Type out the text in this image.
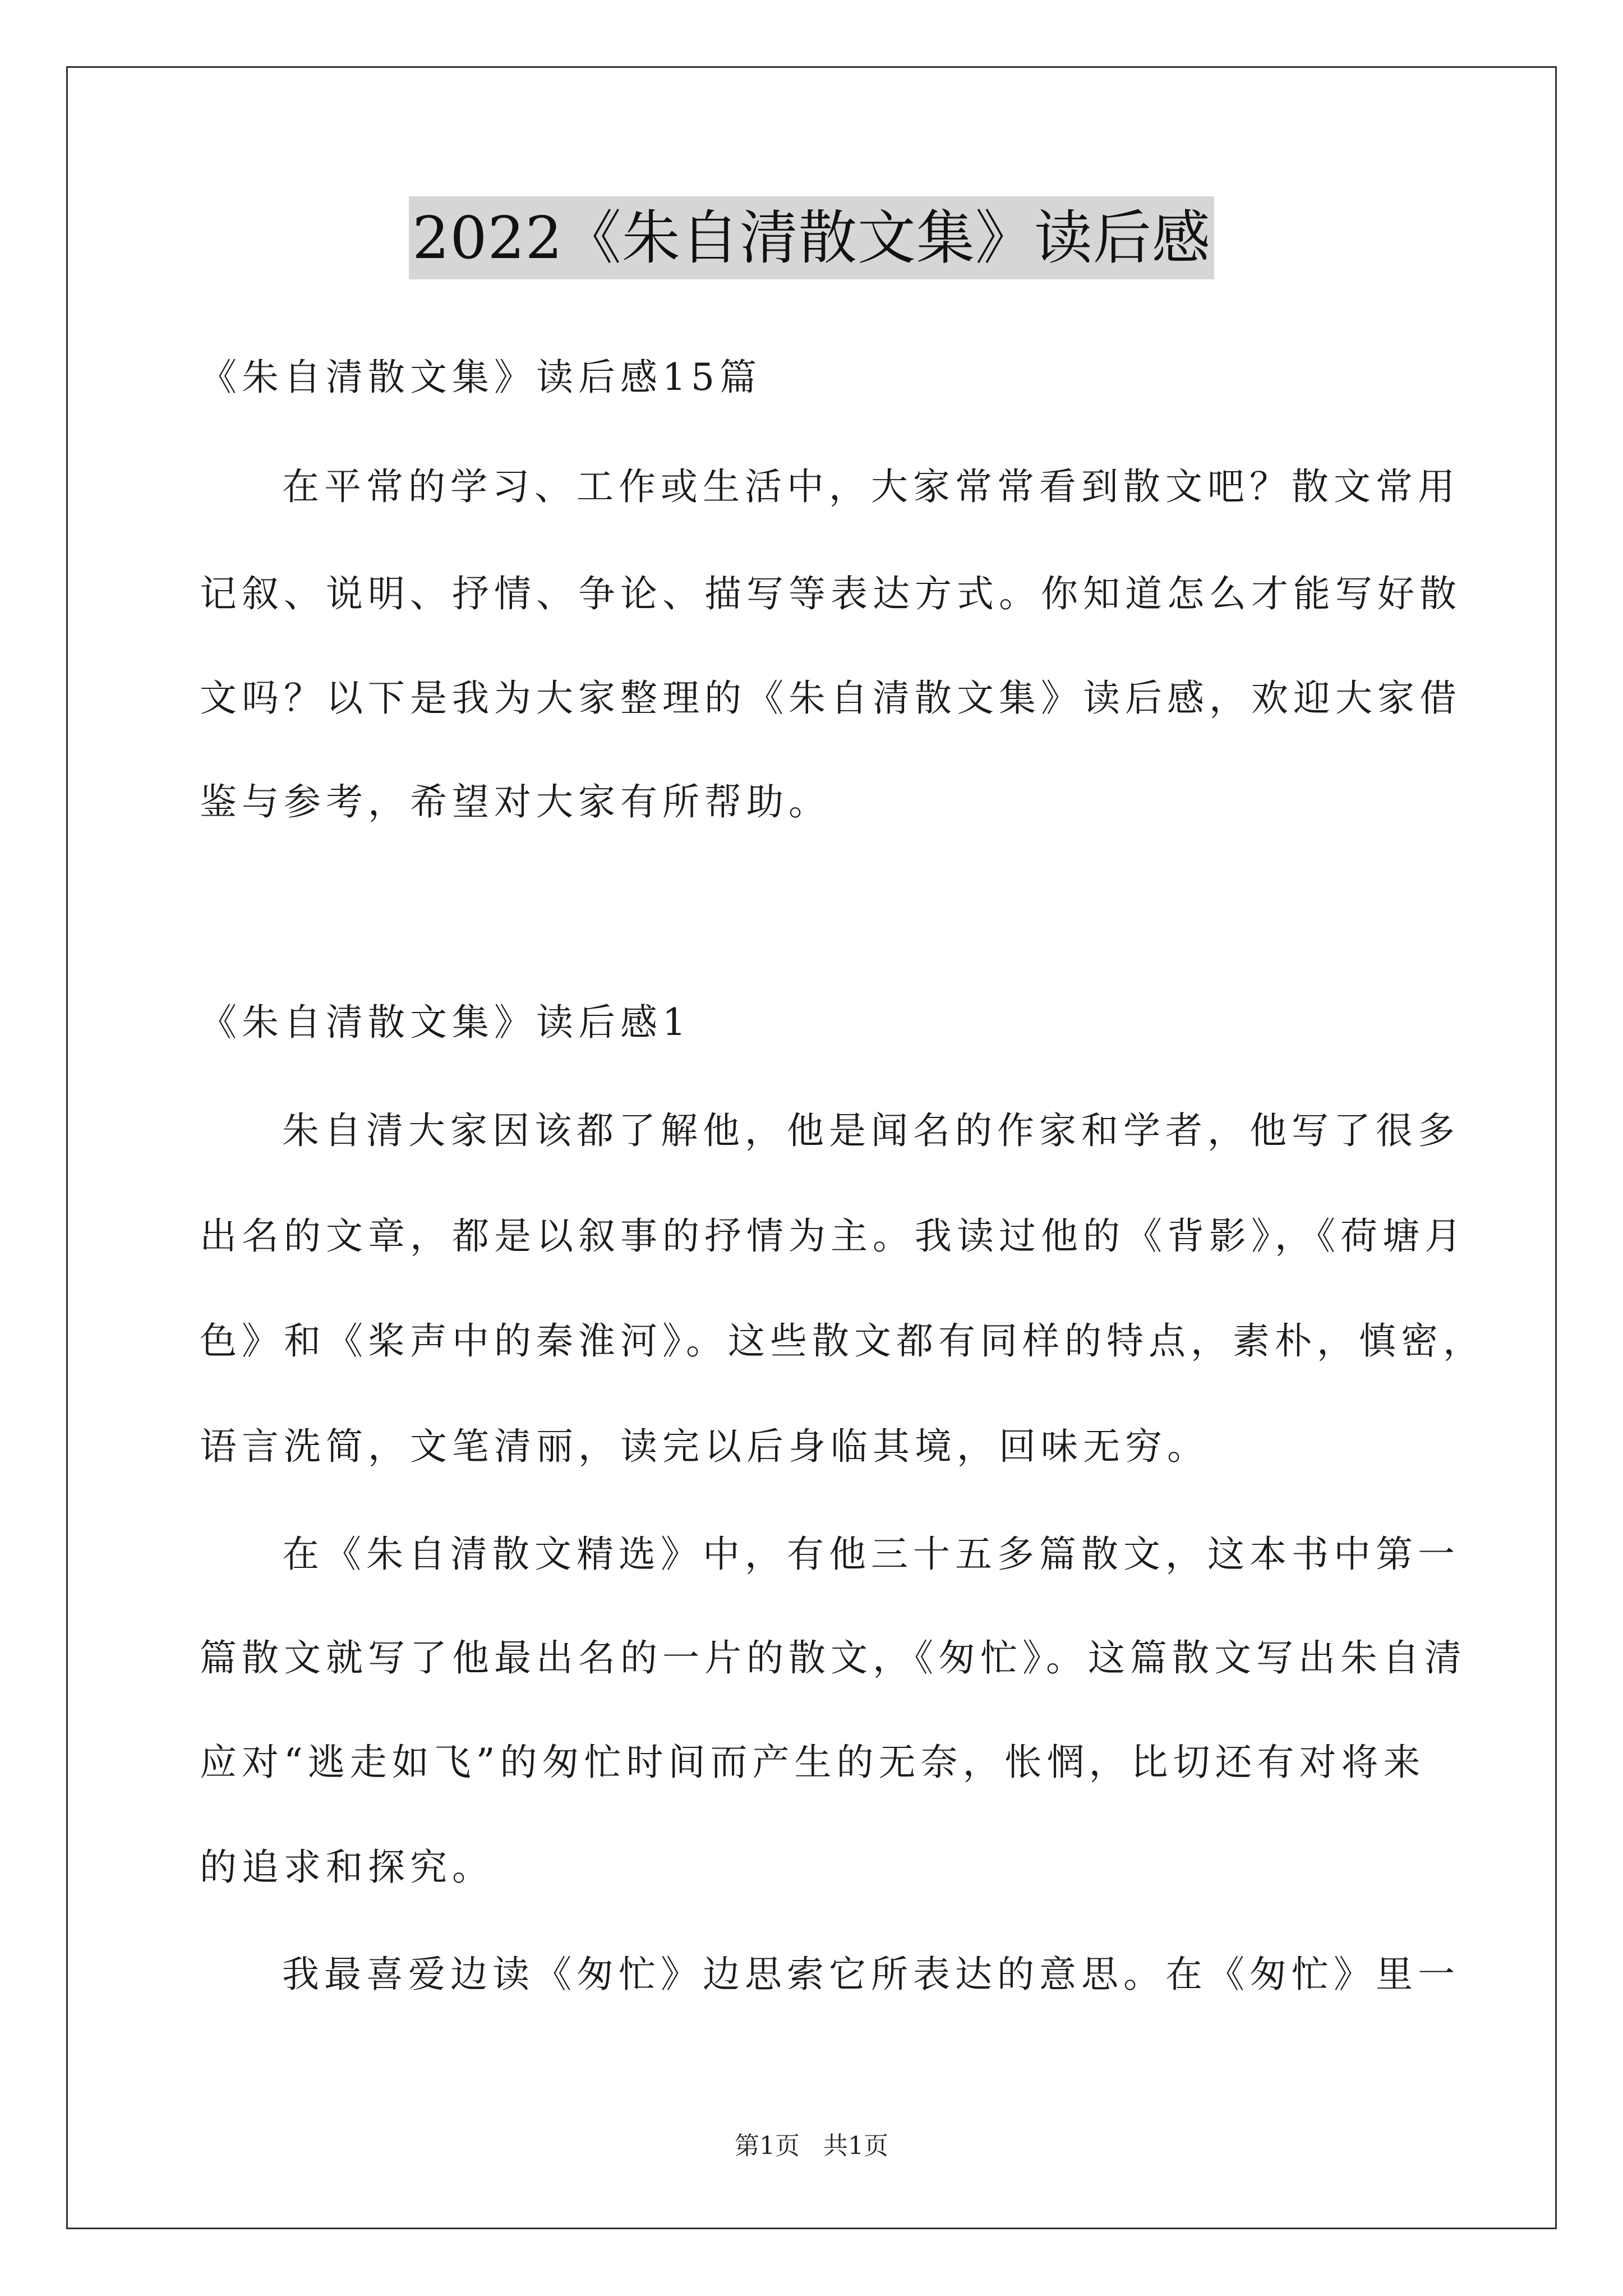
2022《朱自清散文集》读后感
《朱自清散文集》读后感15篇
在平常的学习、工作或生活中，大家常常看到散文吧？散文常用
记叙、说明、抒情、争论、描写等表达方式。你知道怎么才能写好散
文吗？以下是我为大家整理的《朱自清散文集》读后感，欢迎大家借
鉴与参考，希望对大家有所帮助。
《朱自清散文集》读后感1
朱自清大家因该都了解他，他是闻名的作家和学者，他写了很多
出名的文章，都是以叙事的抒情为主。我读过他的《背影》，《荷塘月
色》和《桨声中的秦淮河》。这些散文都有同样的特点，素朴，慎密，
语言洗简，文笔清丽，读完以后身临其境，回味无穷。
在《朱自清散文精选》中，有他三十五多篇散文，这本书中第一
篇散文就写了他最出名的一片的散文，《匆忙》。这篇散文写出朱自清
应对“逃走如飞”的匆忙时间而产生的无奈，怅惘，比切还有对将来
的追求和探究。
我最喜爱边读《匆忙》边思索它所表达的意思。在《匆忙》里一
第1页   共1页
